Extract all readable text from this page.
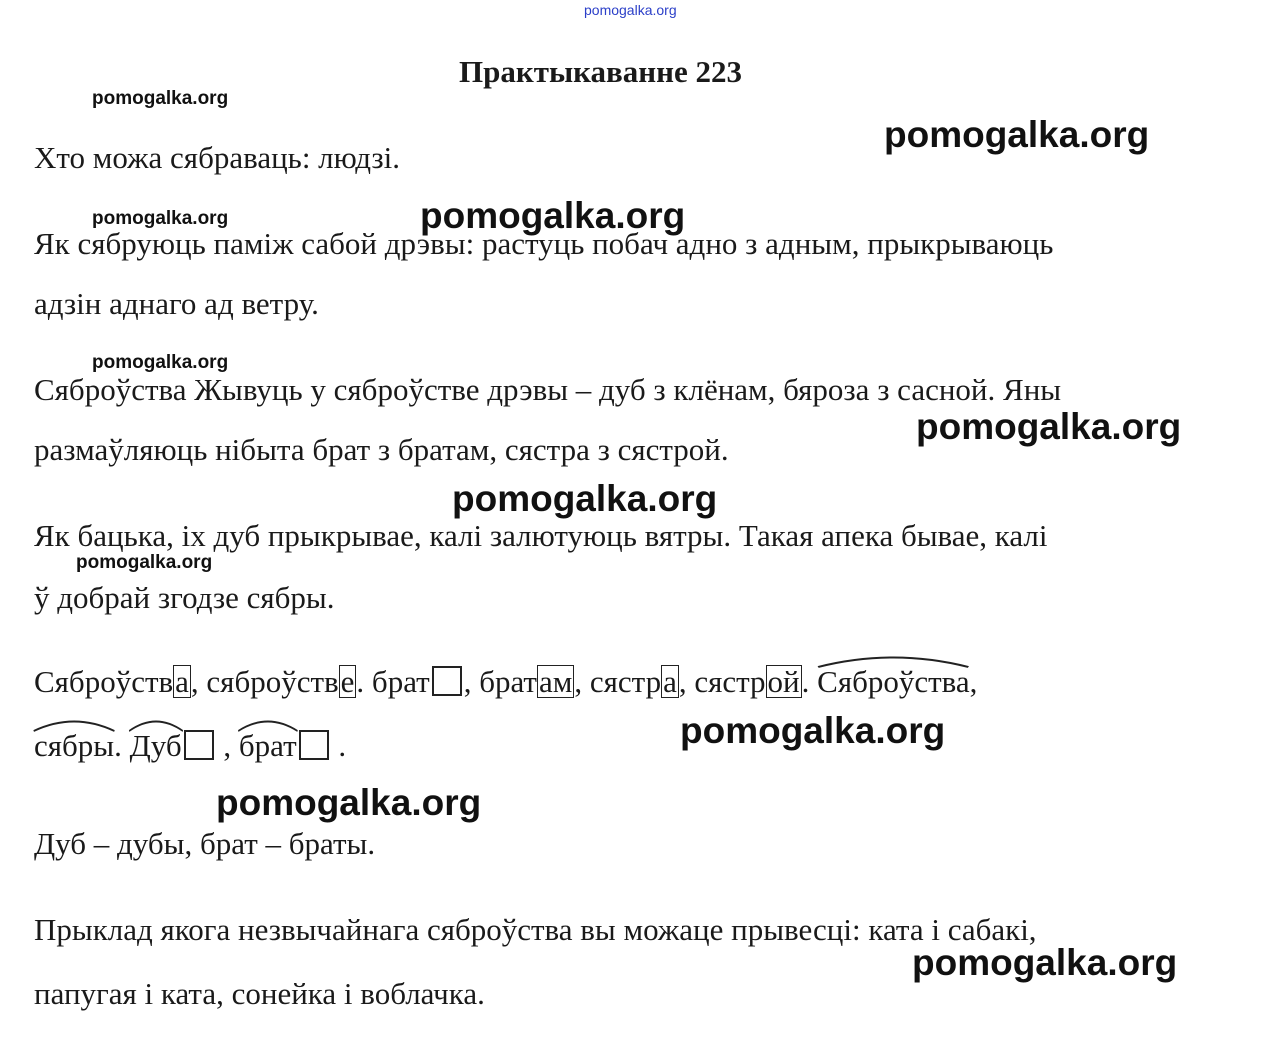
pomogalka.org
Практыкаванне 223
pomogalka.org
pomogalka.org
Хто можа сябраваць: людзі.
pomogalka.org	pomogalka.org
Як сябруюць паміж сабой дрэвы: растуць побач адно з адным, прыкрываюць
адзін аднаго ад ветру.
pomogalka.org
Сяброўства Жывуць у сяброўстве дрэвы – дуб з клёнам, бяроза з сасной. Яны
pomogalka.org
размаўляюць нібыта брат з братам, сястра з сястрой.
pomogalka.org
Як бацька, іх дуб прыкрывае, калі залютуюць вятры. Такая апека бывае, калі
pomogalka.org
ў добрай згодзе сябры.
Сяброўства, сяброўстве. брат , братам, сястра, сястрой.
Сяброўства,
pomogalka.org
сябры.
Дуб ,
брат .
pomogalka.org
Дуб – дубы, брат – браты.
Прыклад якога незвычайнага сяброўства вы можаце прывесці: ката і сабакі,
pomogalka.org
папугая і ката, сонейка і воблачка.
